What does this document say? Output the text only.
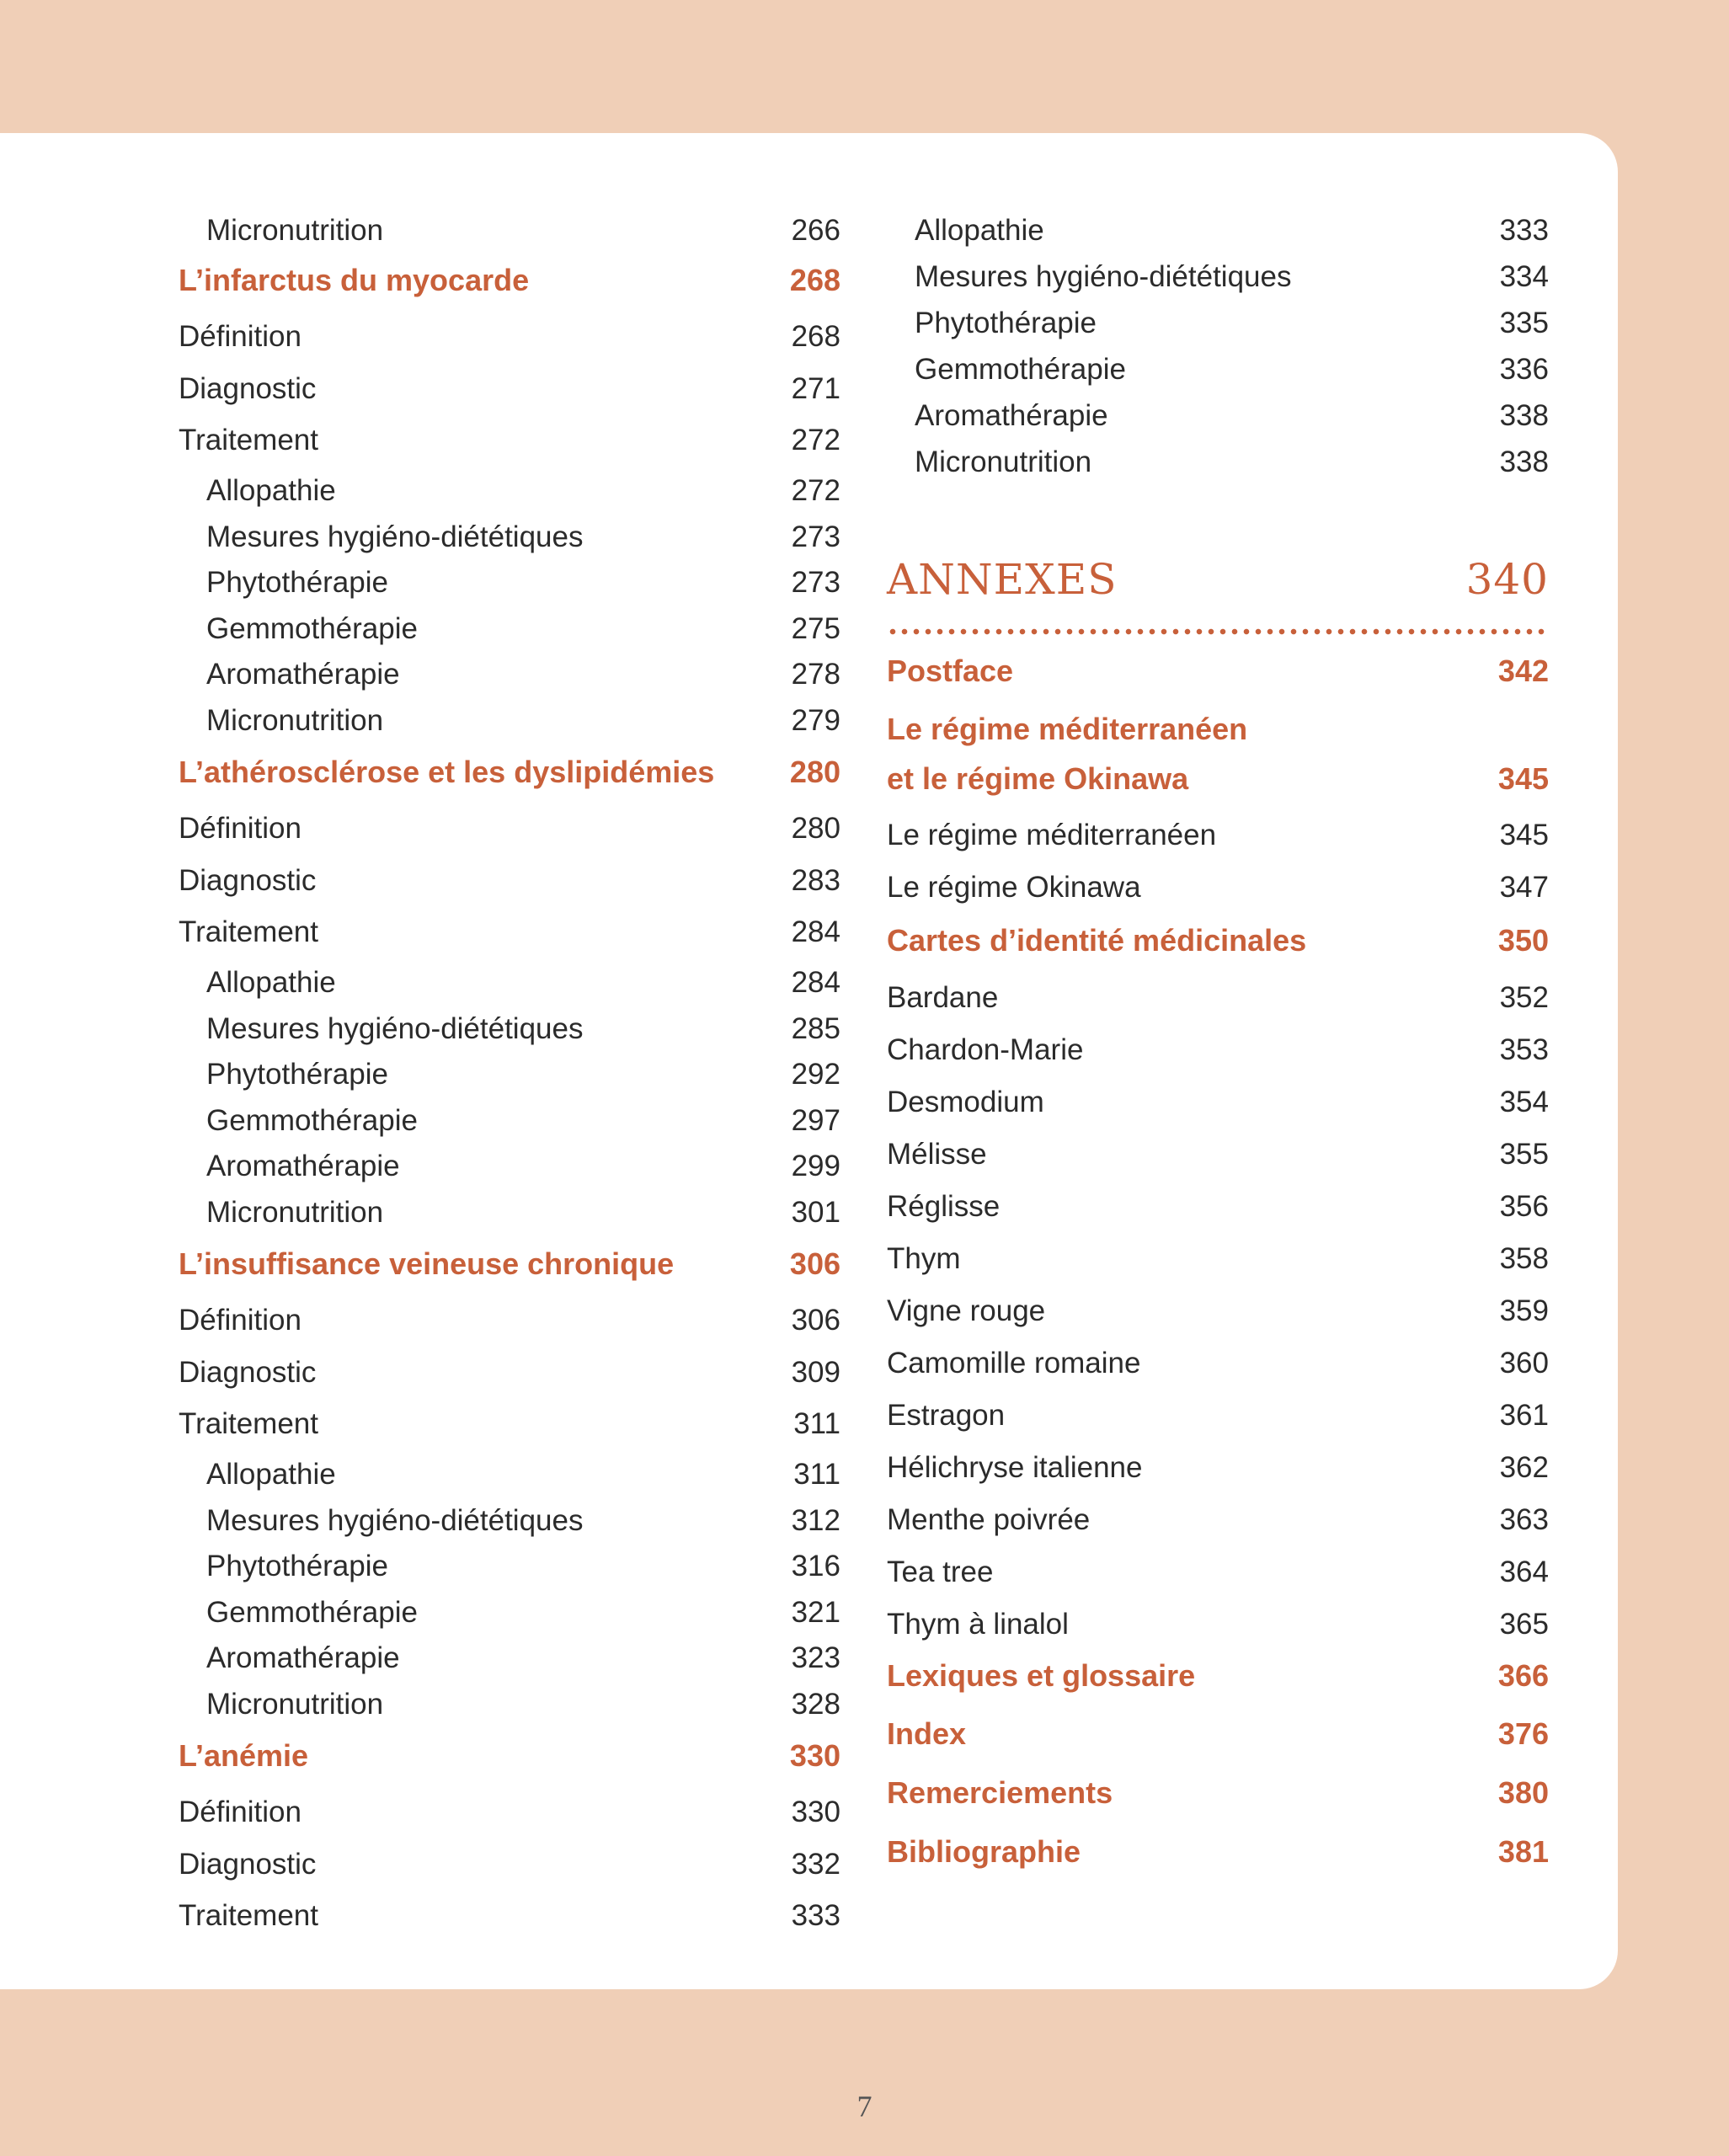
Micronutrition	266
L’infarctus du myocarde	268
Définition	268
Diagnostic	271
Traitement	272
Allopathie	272
Mesures hygiéno-diététiques	273
Phytothérapie	273
Gemmothérapie	275
Aromathérapie	278
Micronutrition	279
L’athérosclérose et les dyslipidémies 280
Définition	280
Diagnostic	283
Traitement	284
Allopathie	284
Mesures hygiéno-diététiques	285
Phytothérapie	292
Gemmothérapie	297
Aromathérapie	299
Micronutrition	301
L’insuffisance veineuse chronique	306
Définition	306
Diagnostic	309
Traitement	311
Allopathie	311
Mesures hygiéno-diététiques	312
Phytothérapie	316
Gemmothérapie	321
Aromathérapie	323
Micronutrition	328
L’anémie	330
Définition	330
Diagnostic	332
Traitement	333
ANNEXES	340
Allopathie	333
Mesures hygiéno-diététiques	334
Phytothérapie	335
Gemmothérapie	336
Aromathérapie	338
Micronutrition	338
Postface	342
Le régime méditerranéen
et le régime Okinawa	345
Le régime méditerranéen	345
Le régime Okinawa	347
Cartes d’identité médicinales	350
Bardane	352
Chardon-Marie	353
Desmodium	354
Mélisse	355
Réglisse	356
Thym	358
Vigne rouge	359
Camomille romaine	360
Estragon	361
Hélichryse italienne	362
Menthe poivrée	363
Tea tree	364
Thym à linalol	365
Lexiques et glossaire	366
Index	376
Remerciements	380
Bibliographie	381
7
